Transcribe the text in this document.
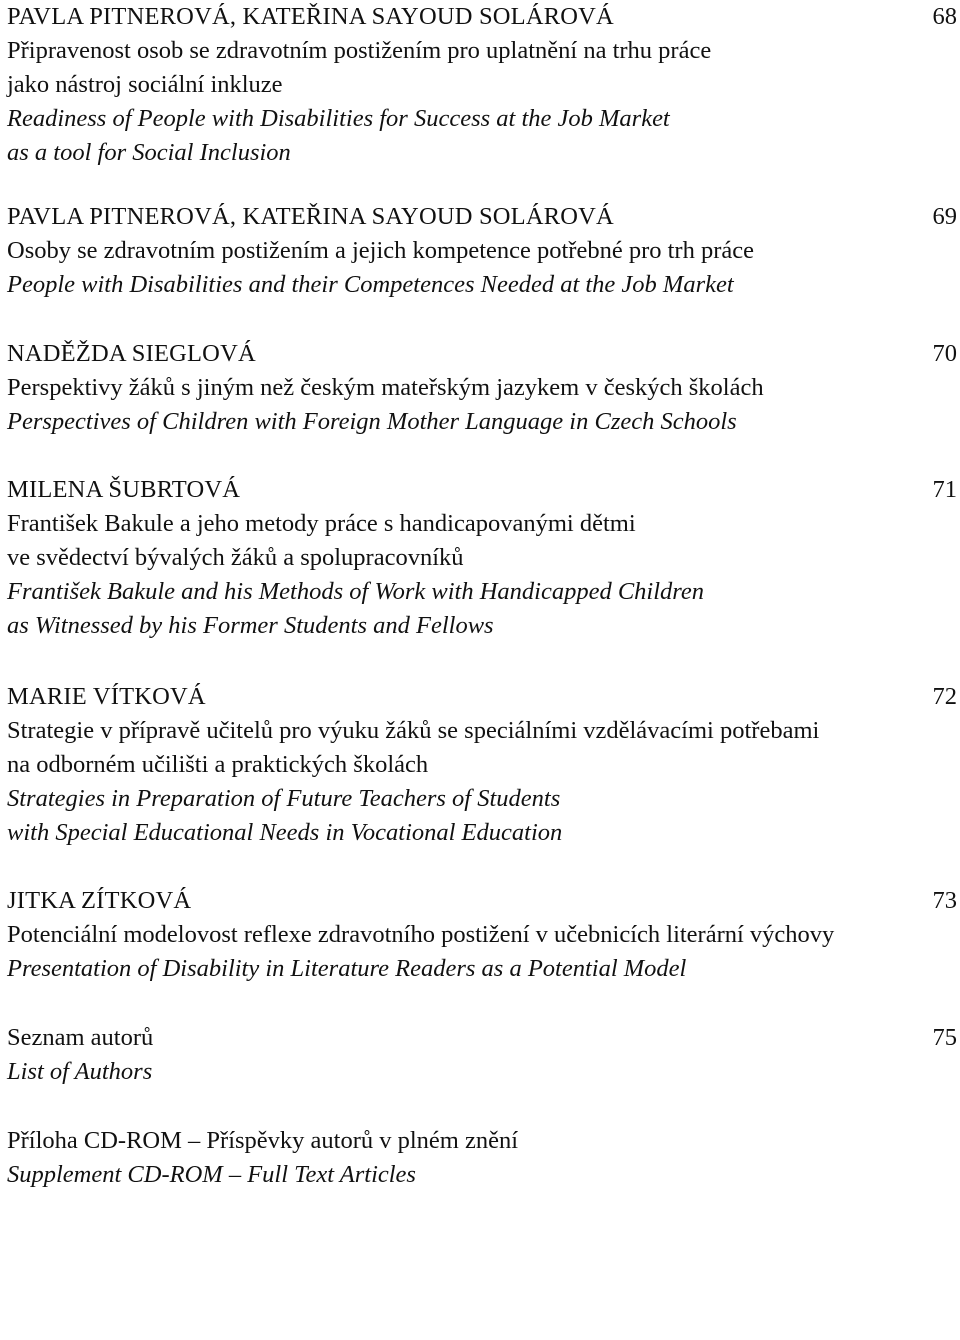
PAVLA PITNEROVÁ, KATEŘINA SAYOUD SOLÁROVÁ	68
Připravenost osob se zdravotním postižením pro uplatnění na trhu práce
jako nástroj sociální inkluze
Readiness of People with Disabilities for Success at the Job Market
as a tool for Social Inclusion
PAVLA PITNEROVÁ, KATEŘINA SAYOUD SOLÁROVÁ	69
Osoby se zdravotním postižením a jejich kompetence potřebné pro trh práce
People with Disabilities and their Competences Needed at the Job Market
NADĚŽDA SIEGLOVÁ	70
Perspektivy žáků s jiným než českým mateřským jazykem v českých školách
Perspectives of Children with Foreign Mother Language in Czech Schools
MILENA ŠUBRTOVÁ	71
František Bakule a jeho metody práce s handicapovanými dětmi
ve svědectví bývalých žáků a spolupracovníků
František Bakule and his Methods of Work with Handicapped Children
as Witnessed by his Former Students and Fellows
MARIE VÍTKOVÁ	72
Strategie v přípravě učitelů pro výuku žáků se speciálními vzdělávacími potřebami
na odborném učilišti a praktických školách
Strategies in Preparation of Future Teachers of Students
with Special Educational Needs in Vocational Education
JITKA ZÍTKOVÁ	73
Potenciální modelovost reflexe zdravotního postižení v učebnicích literární výchovy
Presentation of Disability in Literature Readers as a Potential Model
Seznam autorů	75
List of Authors
Příloha CD-ROM – Příspěvky autorů v plném znění
Supplement CD-ROM – Full Text Articles
